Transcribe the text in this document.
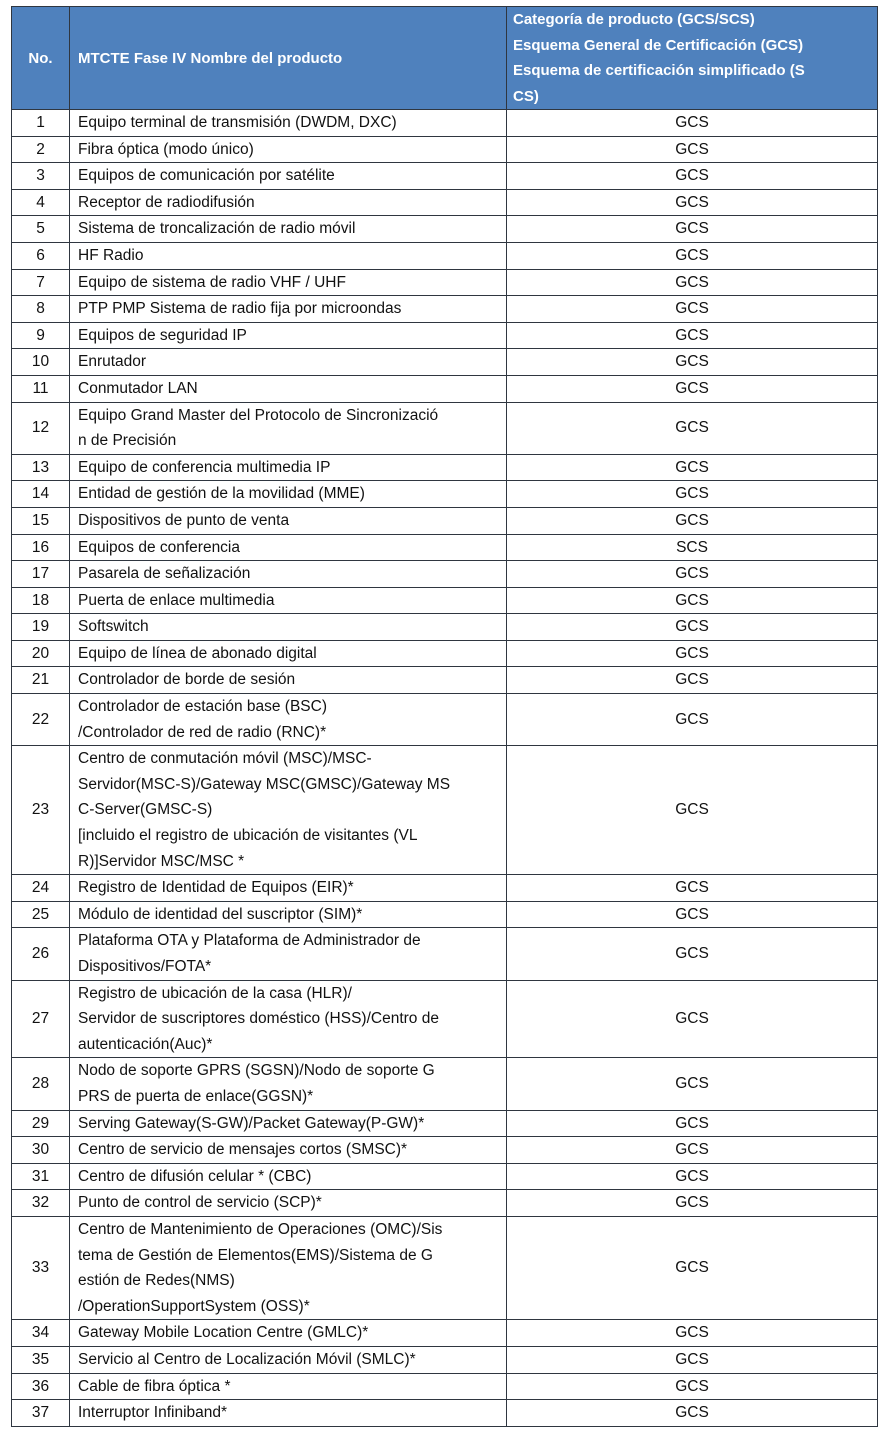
No.	MTCTE Fase IV Nombre del producto	Categoría de producto (GCS/SCS)
Esquema General de Certificación (GCS)
Esquema de certificación simplificado (S
CS)

1	Equipo terminal de transmisión (DWDM, DXC)	GCS
2	Fibra óptica (modo único)	GCS
3	Equipos de comunicación por satélite	GCS
4	Receptor de radiodifusión	GCS
5	Sistema de troncalización de radio móvil	GCS
6	HF Radio	GCS
7	Equipo de sistema de radio VHF / UHF	GCS
8	PTP PMP Sistema de radio fija por microondas	GCS
9	Equipos de seguridad IP	GCS
10	Enrutador	GCS
11	Conmutador LAN	GCS
12	Equipo Grand Master del Protocolo de Sincronizació
n de Precisión	GCS
13	Equipo de conferencia multimedia IP	GCS
14	Entidad de gestión de la movilidad (MME)	GCS
15	Dispositivos de punto de venta	GCS
16	Equipos de conferencia	SCS
17	Pasarela de señalización	GCS
18	Puerta de enlace multimedia	GCS
19	Softswitch	GCS
20	Equipo de línea de abonado digital	GCS
21	Controlador de borde de sesión	GCS
22	Controlador de estación base (BSC)
/Controlador de red de radio (RNC)*	GCS
23	Centro de conmutación móvil (MSC)/MSC-
Servidor(MSC-S)/Gateway MSC(GMSC)/Gateway MS
C-Server(GMSC-S)
[incluido el registro de ubicación de visitantes (VL
R)]Servidor MSC/MSC *	GCS
24	Registro de Identidad de Equipos (EIR)*	GCS
25	Módulo de identidad del suscriptor (SIM)*	GCS
26	Plataforma OTA y Plataforma de Administrador de
Dispositivos/FOTA*	GCS
27	Registro de ubicación de la casa (HLR)/
Servidor de suscriptores doméstico (HSS)/Centro de
autenticación(Auc)*	GCS
28	Nodo de soporte GPRS (SGSN)/Nodo de soporte G
PRS de puerta de enlace(GGSN)*	GCS
29	Serving Gateway(S-GW)/Packet Gateway(P-GW)*	GCS
30	Centro de servicio de mensajes cortos (SMSC)*	GCS
31	Centro de difusión celular * (CBC)	GCS
32	Punto de control de servicio (SCP)*	GCS
33	Centro de Mantenimiento de Operaciones (OMC)/Sis
tema de Gestión de Elementos(EMS)/Sistema de G
estión de Redes(NMS)
/OperationSupportSystem (OSS)*	GCS
34	Gateway Mobile Location Centre (GMLC)*	GCS
35	Servicio al Centro de Localización Móvil (SMLC)*	GCS
36	Cable de fibra óptica *	GCS
37	Interruptor Infiniband*	GCS
